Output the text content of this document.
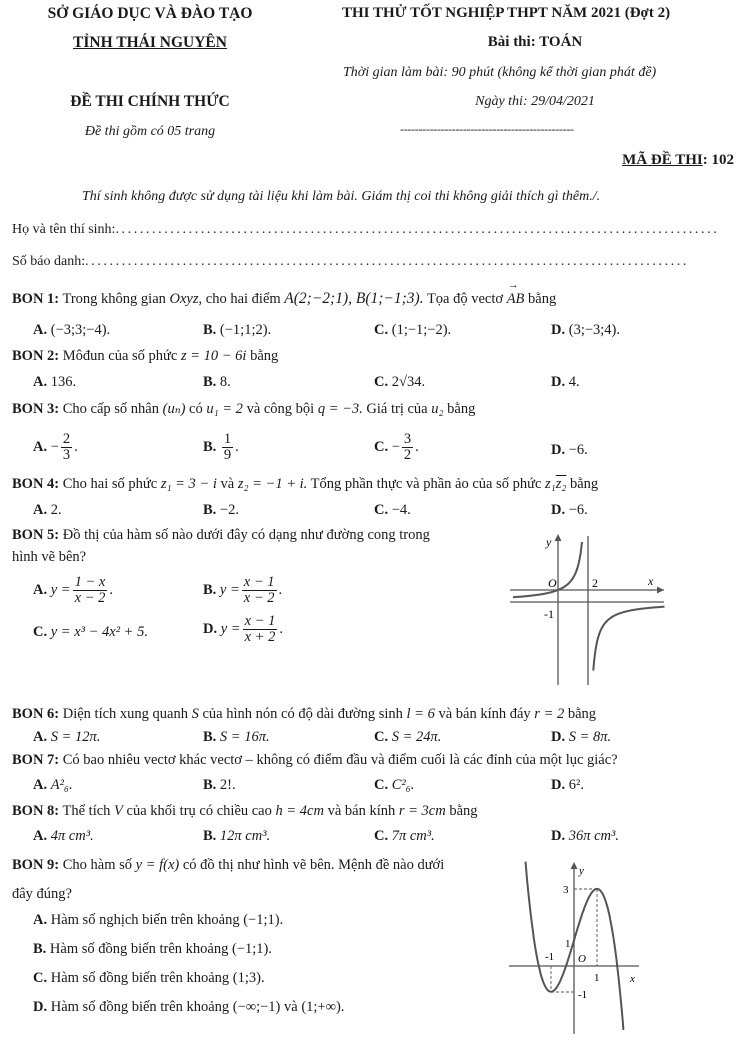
SỞ GIÁO DỤC VÀ ĐÀO TẠO
TỈNH THÁI NGUYÊN
ĐỀ THI CHÍNH THỨC
Đề thi gồm có 05 trang
THI THỬ TỐT NGHIỆP THPT NĂM 2021 (Đợt 2)
Bài thi: TOÁN
Thời gian làm bài: 90 phút (không kể thời gian phát đề)
Ngày thi: 29/04/2021
-----------------------------------------------
MÃ ĐỀ THI: 102
Thí sinh không được sử dụng tài liệu khi làm bài. Giám thị coi thi không giải thích gì thêm./.
Họ và tên thí sinh:...................................................................................................
Số báo danh:...................................................................................................
BON 1: Trong không gian Oxyz, cho hai điểm A(2;−2;1), B(1;−1;3). Tọa độ vectơ → AB bằng
A. (−3;3;−4).	B. (−1;1;2).	C. (1;−1;−2).	D. (3;−3;4).
BON 2: Môđun của số phức z = 10 − 6i bằng
A. 136.	B. 8.	C. 2√34.	D. 4.
BON 3: Cho cấp số nhân (uₙ) có u₁ = 2 và công bội q = −3. Giá trị của u₂ bằng
A. − $\frac{2}{3}$ .	B. $\frac{1}{9}$ .	C. − $\frac{3}{2}$ .	D. −6.
BON 4: Cho hai số phức z₁ = 3 − i và z₂ = −1 + i. Tổng phần thực và phần ảo của số phức z₁z₂ bằng
A. 2.	B. −2.	C. −4.	D. −6.
BON 5: Đồ thị của hàm số nào dưới đây có dạng như đường cong trong
hình vẽ bên?
A. $y = \frac{1 - x}{x - 2}$ .	B. $y = \frac{x - 1}{x - 2}$ .
C. y = x³ − 4x² + 5.	D. $y = \frac{x - 1}{x + 2}$ .
y
x
O	2
-1
BON 6: Diện tích xung quanh S của hình nón có độ dài đường sinh l = 6 và bán kính đáy r = 2 bằng
A. S = 12π.	B. S = 16π.	C. S = 24π.	D. S = 8π.
BON 7: Có bao nhiêu vectơ khác vectơ – không có điểm đầu và điểm cuối là các đỉnh của một lục giác?
A. A²₆.	B. 2!.	C. C²₆.	D. 6².
BON 8: Thể tích V của khối trụ có chiều cao h = 4cm và bán kính r = 3cm bằng
A. 4π cm³.	B. 12π cm³.	C. 7π cm³.	D. 36π cm³.
BON 9: Cho hàm số y = f(x) có đồ thị như hình vẽ bên. Mệnh đề nào dưới
đây đúng?
A. Hàm số nghịch biến trên khoảng (−1;1).
B. Hàm số đồng biến trên khoảng (−1;1).
C. Hàm số đồng biến trên khoảng (1;3).
D. Hàm số đồng biến trên khoảng (−∞;−1) và (1;+∞).
y
x
O
3
1
-1
1
-1
